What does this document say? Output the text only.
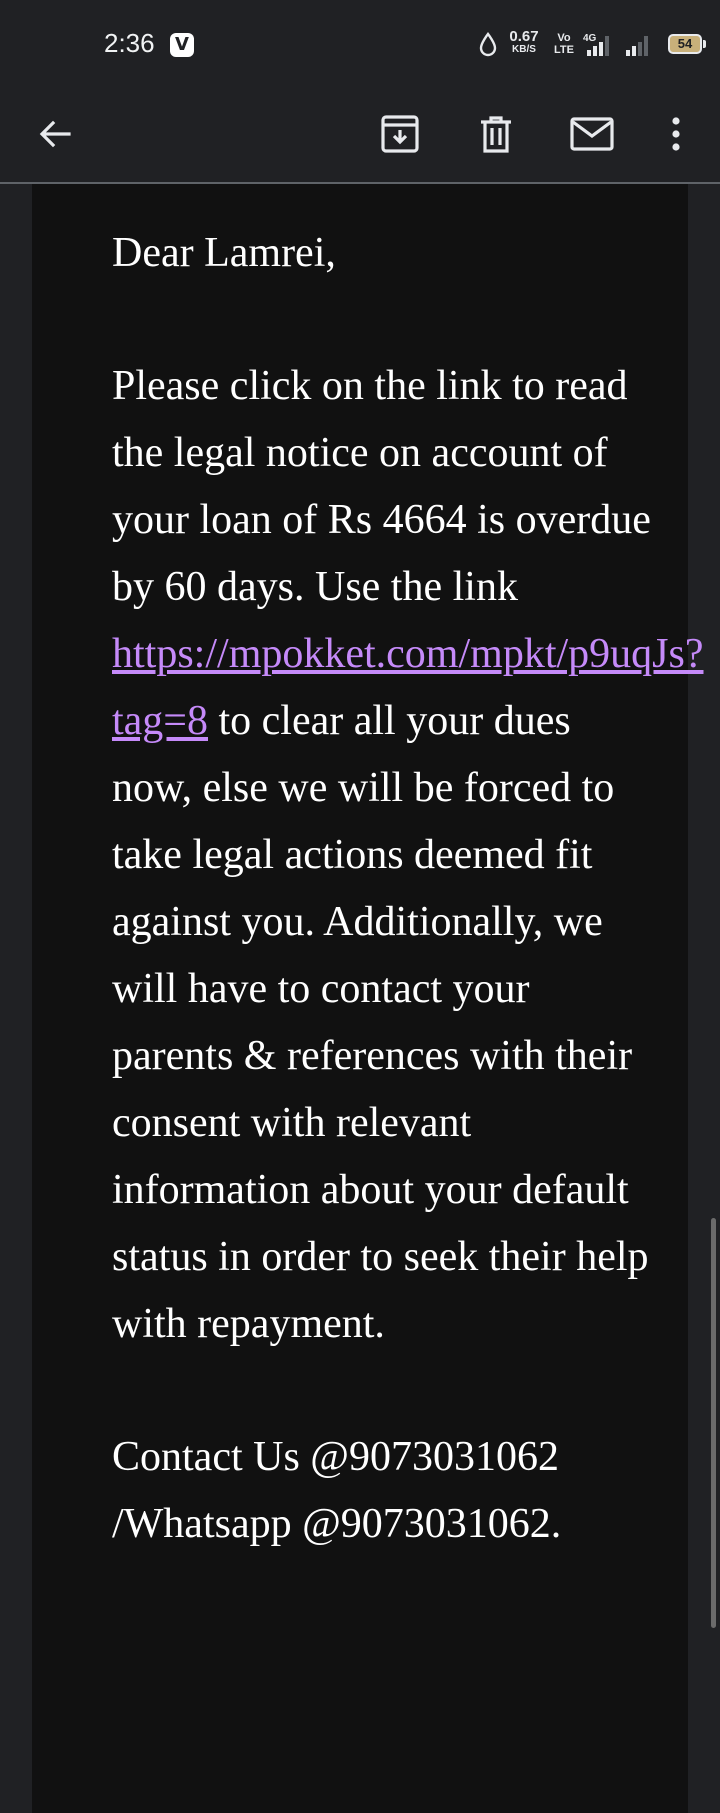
2:36 V	0.67
KB/S
Vo
LTE
4G	54

Dear Lamrei,

Please click on the link to read the legal notice on account of your loan of Rs 4664 is overdue by 60 days. Use the link https://mpokket.com/mpkt/p9uqJs?tag=8 to clear all your dues now, else we will be forced to take legal actions deemed fit against you. Additionally, we will have to contact your parents & references with their consent with relevant information about your default status in order to seek their help with repayment.

Contact Us @9073031062 /Whatsapp @9073031062.
